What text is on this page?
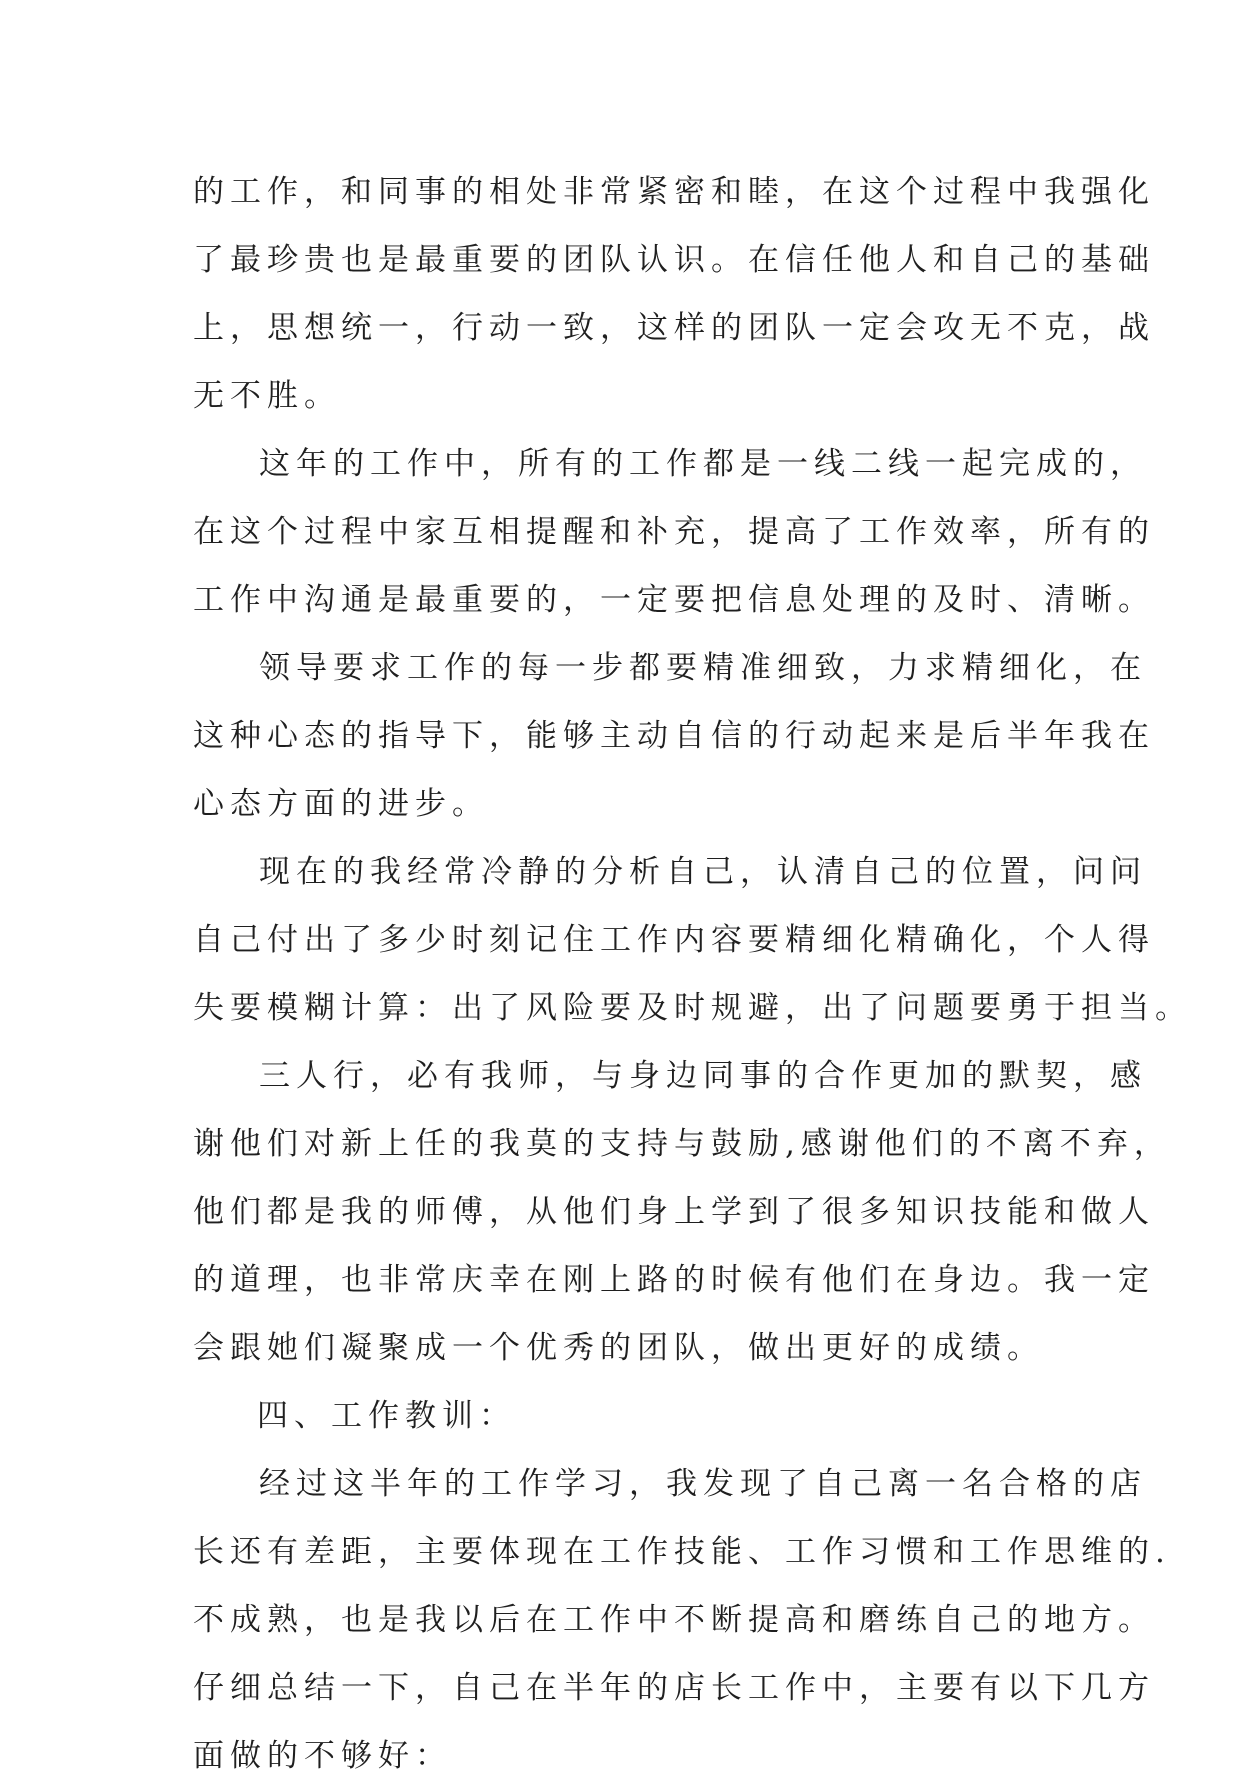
的工作，和同事的相处非常紧密和睦，在这个过程中我强化
了最珍贵也是最重要的团队认识。在信任他人和自己的基础
上，思想统一，行动一致，这样的团队一定会攻无不克，战
无不胜。
这年的工作中，所有的工作都是一线二线一起完成的，
在这个过程中家互相提醒和补充，提高了工作效率，所有的
工作中沟通是最重要的，一定要把信息处理的及时、清晰。
领导要求工作的每一步都要精准细致，力求精细化，在
这种心态的指导下，能够主动自信的行动起来是后半年我在
心态方面的进步。
现在的我经常冷静的分析自己，认清自己的位置，问问
自己付出了多少时刻记住工作内容要精细化精确化，个人得
失要模糊计算：出了风险要及时规避，出了问题要勇于担当。
三人行，必有我师，与身边同事的合作更加的默契，感
谢他们对新上任的我莫的支持与鼓励,感谢他们的不离不弃，
他们都是我的师傅，从他们身上学到了很多知识技能和做人
的道理，也非常庆幸在刚上路的时候有他们在身边。我一定
会跟她们凝聚成一个优秀的团队，做出更好的成绩。
四、工作教训：
经过这半年的工作学习，我发现了自己离一名合格的店
长还有差距，主要体现在工作技能、工作习惯和工作思维的.
不成熟，也是我以后在工作中不断提高和磨练自己的地方。
仔细总结一下，自己在半年的店长工作中，主要有以下几方
面做的不够好：
